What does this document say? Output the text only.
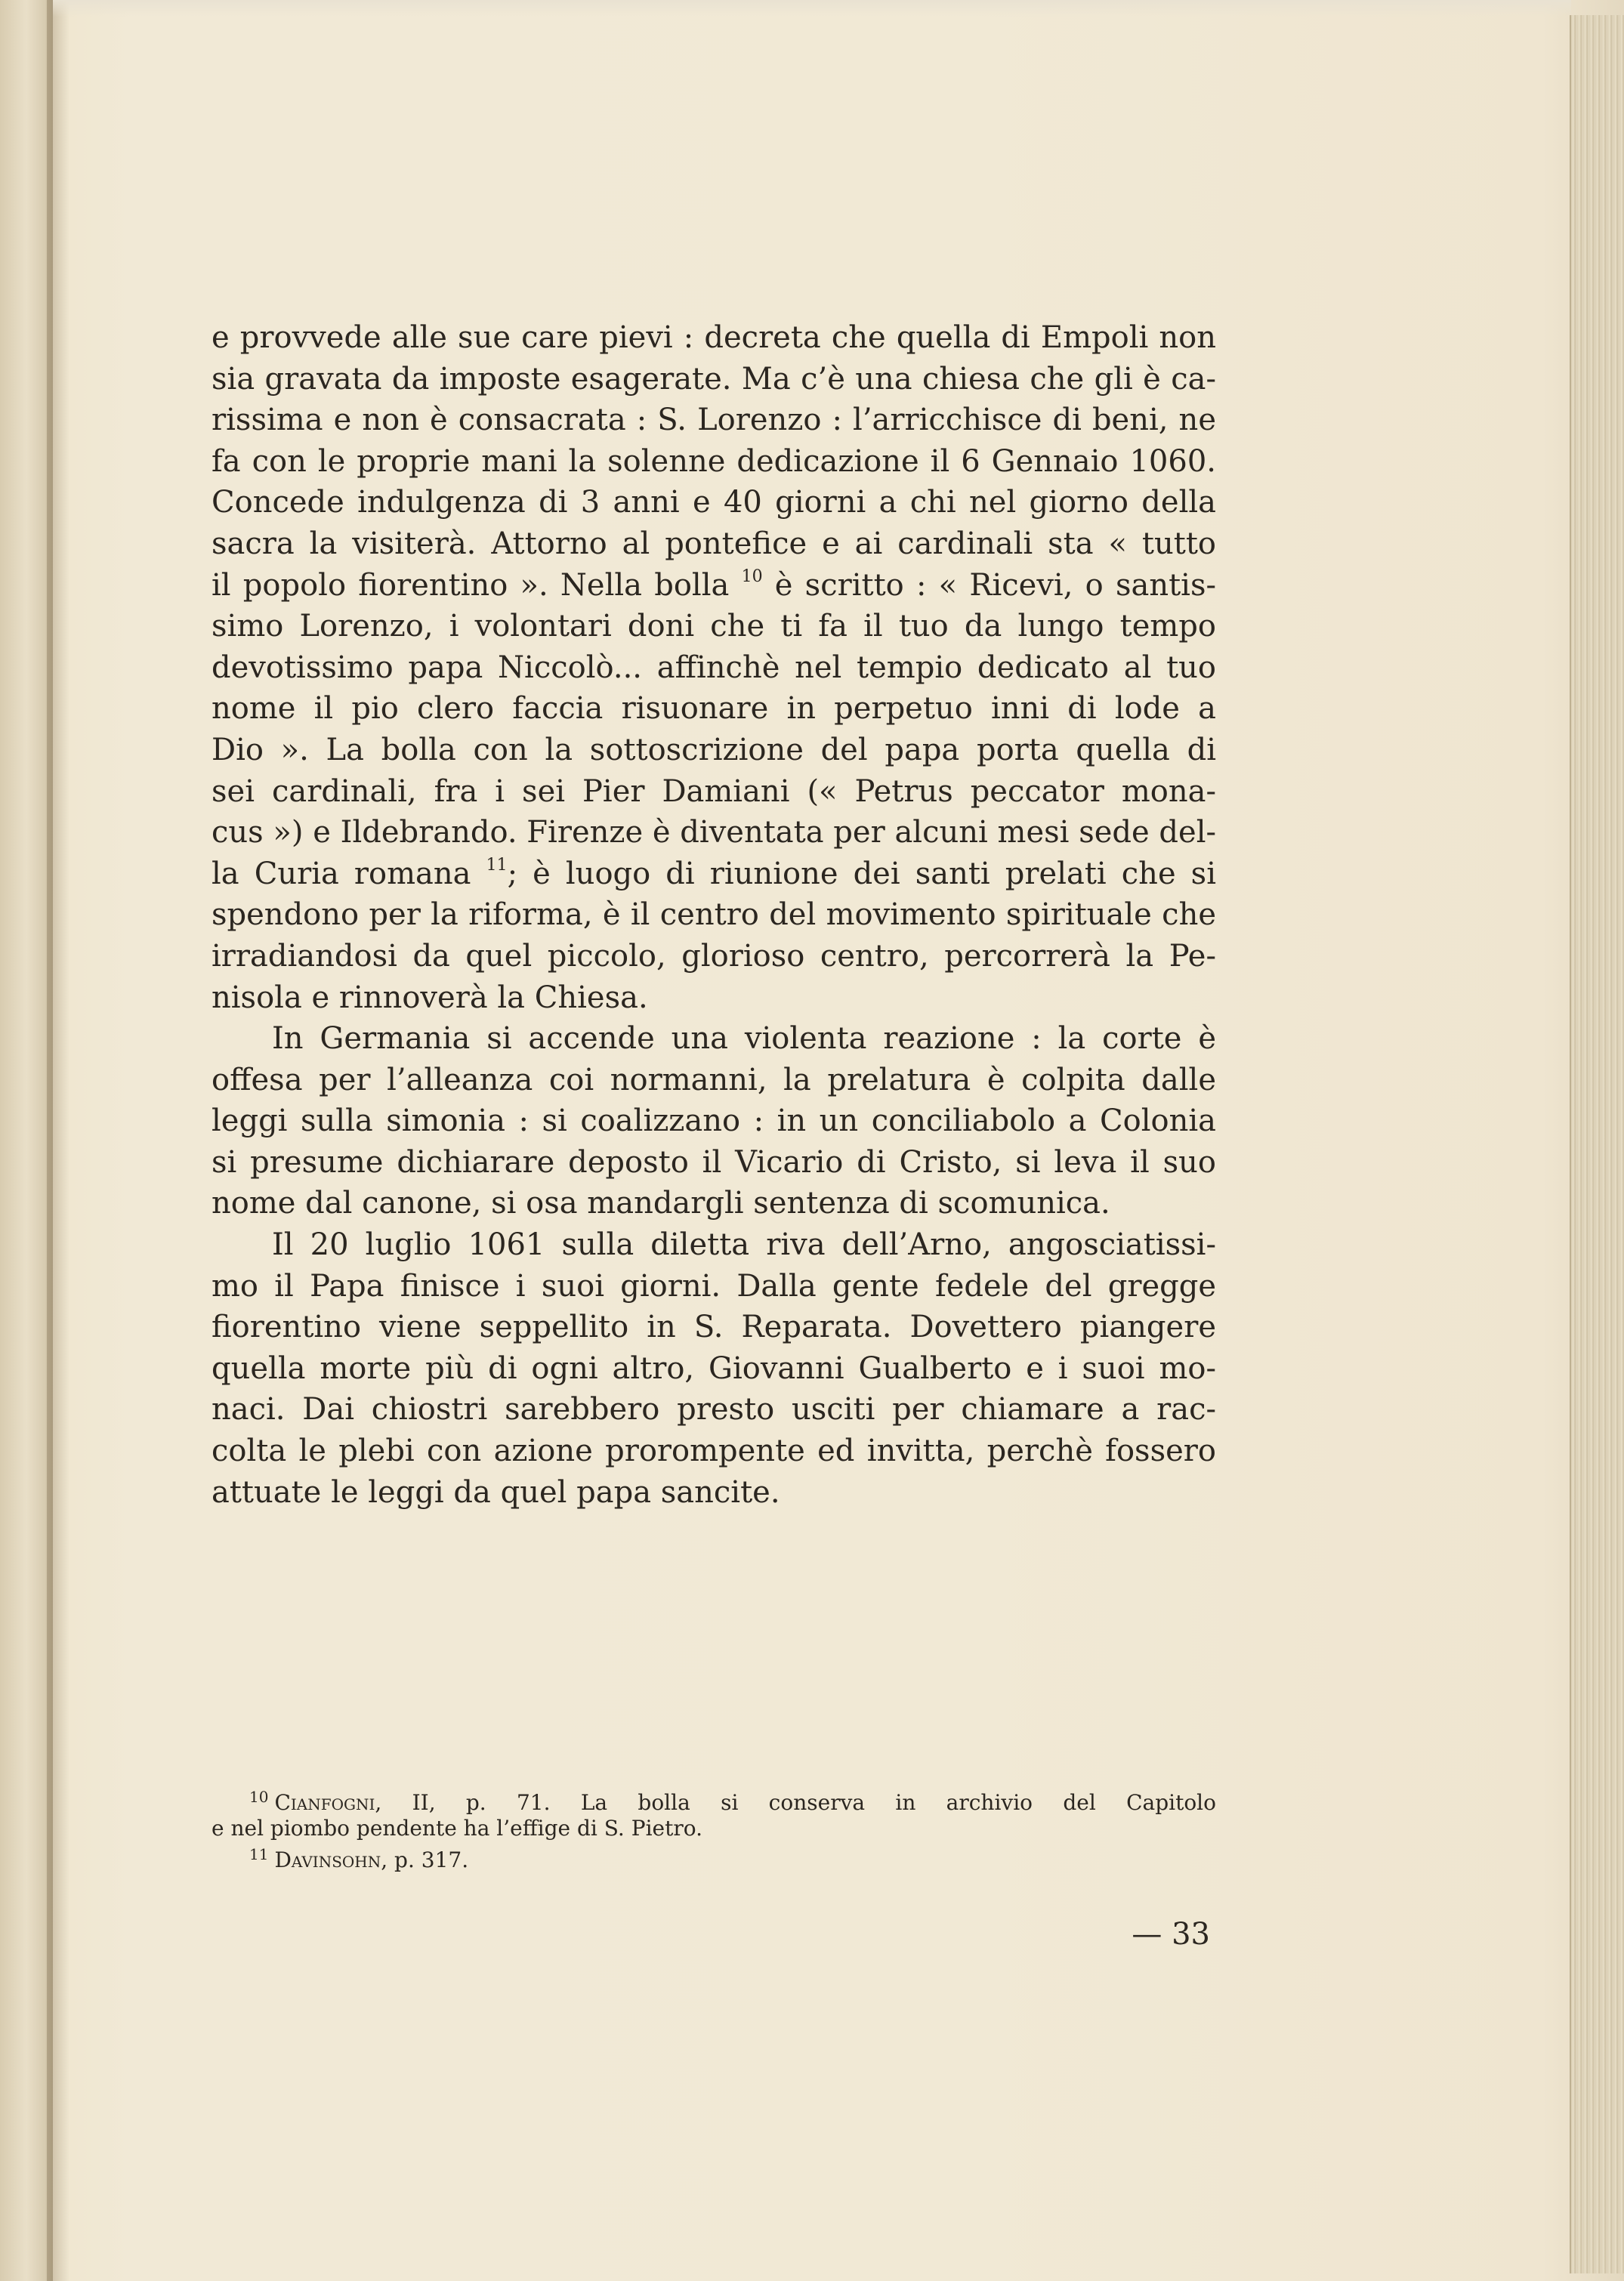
e provvede alle sue care pievi : decreta che quella di Empoli non
sia gravata da imposte esagerate. Ma c’è una chiesa che gli è ca-
rissima e non è consacrata : S. Lorenzo : l’arricchisce di beni, ne
fa con le proprie mani la solenne dedicazione il 6 Gennaio 1060.
Concede indulgenza di 3 anni e 40 giorni a chi nel giorno della
sacra la visiterà. Attorno al pontefice e ai cardinali sta « tutto
il popolo fiorentino ». Nella bolla $^{10}$ è scritto : « Ricevi, o santis-
simo Lorenzo, i volontari doni che ti fa il tuo da lungo tempo
devotissimo papa Niccolò... affinchè nel tempio dedicato al tuo
nome il pio clero faccia risuonare in perpetuo inni di lode a
Dio ». La bolla con la sottoscrizione del papa porta quella di
sei cardinali, fra i sei Pier Damiani (« Petrus peccator mona-
cus ») e Ildebrando. Firenze è diventata per alcuni mesi sede del-
la Curia romana $^{11}$; è luogo di riunione dei santi prelati che si
spendono per la riforma, è il centro del movimento spirituale che
irradiandosi da quel piccolo, glorioso centro, percorrerà la Pe-
nisola e rinnoverà la Chiesa.
In Germania si accende una violenta reazione : la corte è
offesa per l’alleanza coi normanni, la prelatura è colpita dalle
leggi sulla simonia : si coalizzano : in un conciliabolo a Colonia
si presume dichiarare deposto il Vicario di Cristo, si leva il suo
nome dal canone, si osa mandargli sentenza di scomunica.
Il 20 luglio 1061 sulla diletta riva dell’Arno, angosciatissi-
mo il Papa finisce i suoi giorni. Dalla gente fedele del gregge
fiorentino viene seppellito in S. Reparata. Dovettero piangere
quella morte più di ogni altro, Giovanni Gualberto e i suoi mo-
naci. Dai chiostri sarebbero presto usciti per chiamare a rac-
colta le plebi con azione prorompente ed invitta, perchè fossero
attuate le leggi da quel papa sancite.
$^{10}$ Cianfogni, II, p. 71. La bolla si conserva in archivio del Capitolo
e nel piombo pendente ha l’effige di S. Pietro.
$^{11}$ Davinsohn, p. 317.
— 33
